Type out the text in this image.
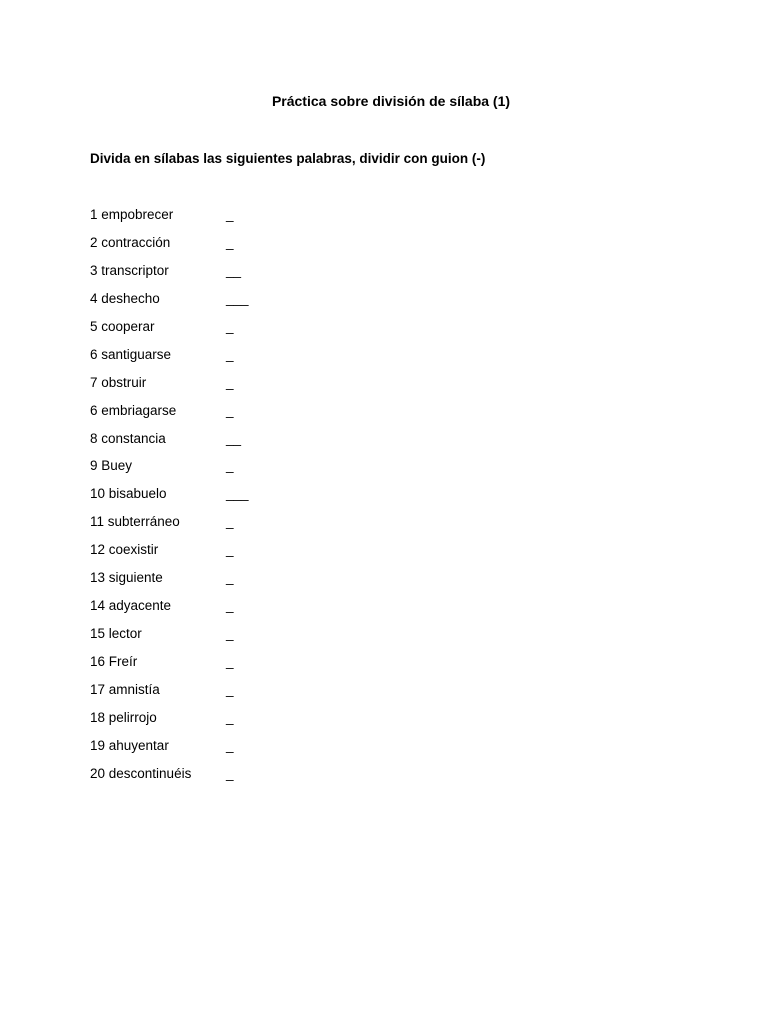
Práctica sobre división de sílaba (1)
Divida en sílabas las siguientes palabras, dividir con guion (-)
1 empobrecer	_
2 contracción	_
3 transcriptor	__
4 deshecho	___
5 cooperar	_
6 santiguarse	_
7 obstruir	_
6 embriagarse	_
8 constancia	__
9 Buey	_
10 bisabuelo	___
11 subterráneo	_
12 coexistir	_
13 siguiente	_
14 adyacente	_
15 lector	_
16 Freír	_
17 amnistía	_
18 pelirrojo	_
19 ahuyentar	_
20 descontinuéis	_
